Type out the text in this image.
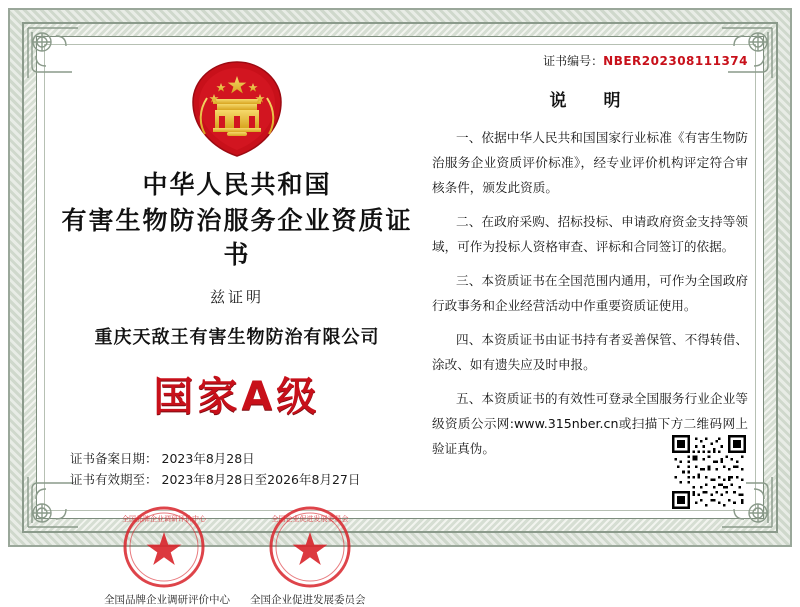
中华人民共和国
有害生物防治服务企业资质证书
兹证明
重庆天敌王有害生物防治有限公司
国家A级
证书备案日期： 2023年8月28日
证书有效期至： 2023年8月28日至2026年8月27日
全国品牌企业调研评价中心
全国品牌企业调研评价中心
全国企业促进发展委员会
全国企业促进发展委员会
证书编号：NBER202308111374
说　明

一、依据中华人民共和国国家行业标准《有害生物防治服务企业资质评价标准》，经专业评价机构评定符合审核条件，颁发此资质。

二、在政府采购、招标投标、申请政府资金支持等领域，可作为投标人资格审查、评标和合同签订的依据。

三、本资质证书在全国范围内通用，可作为全国政府行政事务和企业经营活动中作重要资质证使用。

四、本资质证书由证书持有者妥善保管、不得转借、涂改、如有遗失应及时申报。

五、本资质证书的有效性可登录全国服务行业企业等级资质公示网:www.315nber.cn或扫描下方二维码网上验证真伪。
